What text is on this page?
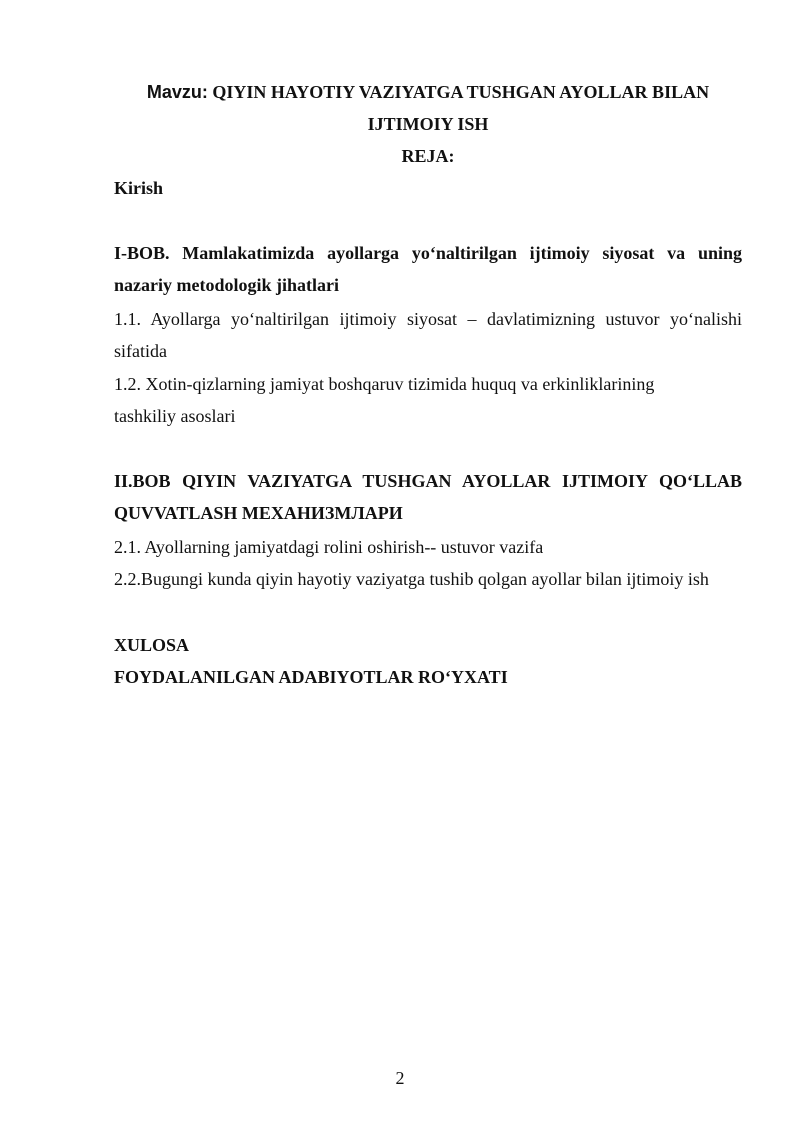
Mavzu: QIYIN HAYOTIY VAZIYATGA TUSHGAN AYOLLAR BILAN
IJTIMOIY ISH
REJA:
Kirish
I-BOB. Mamlakatimizda ayollarga yo‘naltirilgan ijtimoiy siyosat va uning
nazariy metodologik jihatlari
1.1. Ayollarga yo‘naltirilgan ijtimoiy siyosat – davlatimizning ustuvor yo‘nalishi
sifatida
1.2. Xotin-qizlarning jamiyat boshqaruv tizimida huquq va erkinliklarining
tashkiliy asoslari
II.BOB QIYIN VAZIYATGA TUSHGAN AYOLLAR IJTIMOIY QO‘LLAB
QUVVATLASH МЕХАНИЗМЛАРИ
2.1. Ayollarning jamiyatdagi rolini oshirish-- ustuvor vazifa
2.2.Bugungi kunda qiyin hayotiy vaziyatga tushib qolgan ayollar bilan ijtimoiy ish
XULOSA
FOYDALANILGAN ADABIYOTLAR RO‘YXATI
2
